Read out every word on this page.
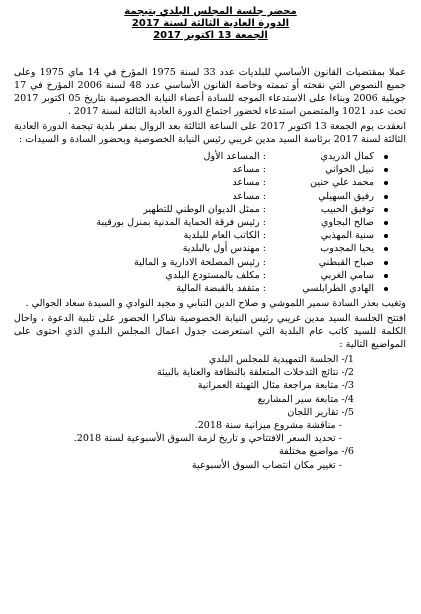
محضر جلسة المجلس البلدي بتيجمة
الدورة العادية الثالثة لسنة 2017
الجمعة 13 اكتوبر 2017

عملا بمقتضيات القانون الأساسي للبلديات عدد 33 لسنة 1975 المؤرخ في 14 ماي 1975 وعلى جميع النصوص التي نقحته أو تممته وخاصة القانون الأساسي عدد 48 لسنة 2006 المؤرخ في 17 جويلية 2006 وبناءا على الاستدعاء الموجه للسادة أعضاء النيابة الخصوصية بتاريخ 05 اكتوبر 2017 تحت عدد 1021 والمتضمن استدعاء لحضور اجتماع الدورة العادية الثالثة لسنة 2017 .

انعقدت يوم الجمعة 13 اكتوبر 2017 على الساعة الثالثة بعد الزوال بمقر بلدية تيجمة الدورة العادية الثالثة لسنة 2017 برئاسة السيد مدين غريبي رئيس النيابة الخصوصية وبحضور السادة و السيدات :

كمال الدريدي: المساعد الأول
نبيل الجواني: مساعد
محمد علي حنين: مساعد
رفيق السهيلي: مساعد
توفيق الحبيب: ممثل الديوان الوطني للتطهير
صالح البجاوي: رئيس فرقة الحماية المدنية بمنزل بورقيبة
سنية المهذبي: الكاتب العام للبلدية
يحيا المجدوب: مهندس أول بالبلدية
صباح القبطني: رئيس المصلحة الادارية و المالية
سامي الغربي: مكلف بالمستودع البلدي
الهادي الطرابلسي: متقفد بالقبضة المالية

وتغيب بعذر السادة سمير اللموشي و صلاح الدين التبابي و مجيد النوادي و السيدة سعاد الجوالي .

افتتح الجلسة السيد مدين غريبي رئيس النيابة الخصوصية شاكرا الحضور على تلبية الدعوة ، واحال الكلمة للسيد كاتب عام البلدية التي استعرضت جدول اعمال المجلس البلدي الذي احتوى على المواضيع التالية :

1/- الجلسة التمهيدية للمجلس البلدي
2/- نتائج التدخلات المتعلقة بالنظافة والعناية بالبيئة
3/- متابعة مراجعة مثال التهيئة العمرانية
4/- متابعة سير المشاريع
5/- تقارير اللجان
- مناقشة مشروع ميزانية سنة 2018.
- تحديد السعر الافتتاحي و تاريخ لزمة السوق الأسبوعية لسنة 2018.
6/- مواضيع مختلفة
- تغيير مكان انتصاب السوق الأسبوعية
